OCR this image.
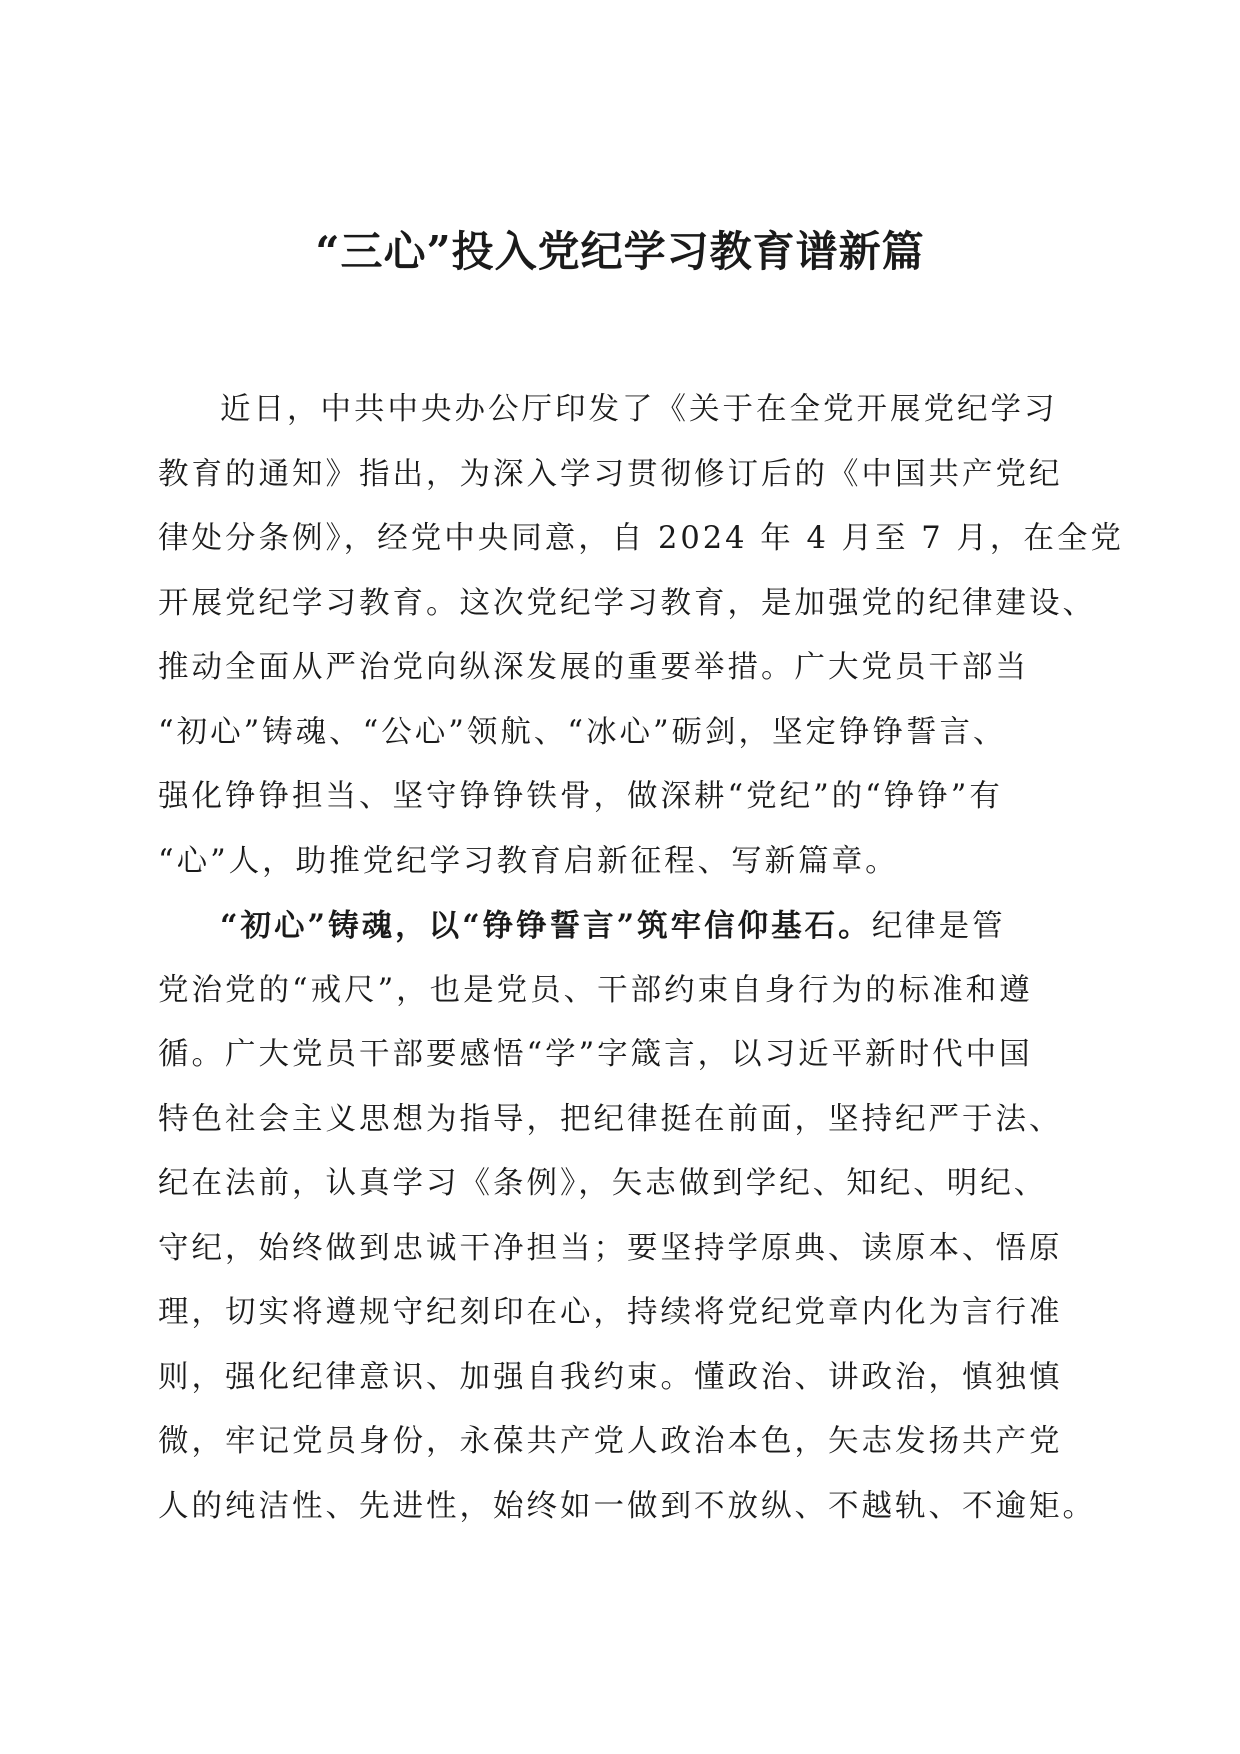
“三心”投入党纪学习教育谱新篇
近日，中共中央办公厅印发了《关于在全党开展党纪学习
教育的通知》指出，为深入学习贯彻修订后的《中国共产党纪
律处分条例》，经党中央同意，自 2024 年 4 月至 7 月，在全党
开展党纪学习教育。这次党纪学习教育，是加强党的纪律建设、
推动全面从严治党向纵深发展的重要举措。广大党员干部当
“初心”铸魂、“公心”领航、“冰心”砺剑，坚定铮铮誓言、
强化铮铮担当、坚守铮铮铁骨，做深耕“党纪”的“铮铮”有
“心”人，助推党纪学习教育启新征程、写新篇章。
“初心”铸魂，以“铮铮誓言”筑牢信仰基石。纪律是管
党治党的“戒尺”，也是党员、干部约束自身行为的标准和遵
循。广大党员干部要感悟“学”字箴言，以习近平新时代中国
特色社会主义思想为指导，把纪律挺在前面，坚持纪严于法、
纪在法前，认真学习《条例》，矢志做到学纪、知纪、明纪、
守纪，始终做到忠诚干净担当；要坚持学原典、读原本、悟原
理，切实将遵规守纪刻印在心，持续将党纪党章内化为言行准
则，强化纪律意识、加强自我约束。懂政治、讲政治，慎独慎
微，牢记党员身份，永葆共产党人政治本色，矢志发扬共产党
人的纯洁性、先进性，始终如一做到不放纵、不越轨、不逾矩。
